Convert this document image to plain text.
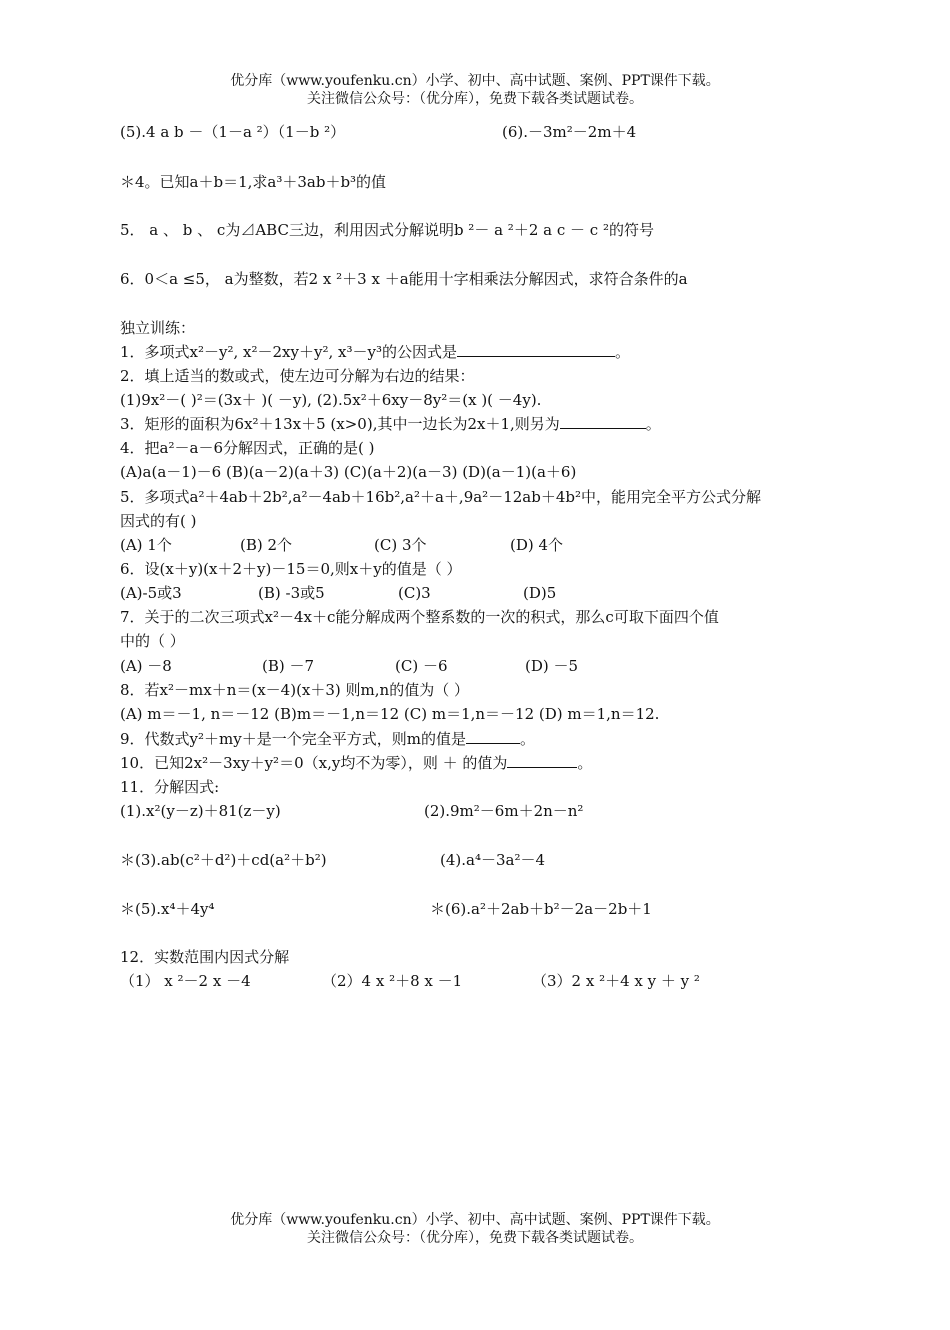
优分库（www.youfenku.cn）小学、初中、高中试题、案例、PPT课件下载。
关注微信公众号：（优分库），免费下载各类试题试卷。
(5).4 a b －（1－a ²）（1－b ²）	(6).－3m²－2m＋4
＊4。已知a＋b＝1,求a³＋3ab＋b³的值
5． a 、 b 、 c为⊿ABC三边，利用因式分解说明b ²－ a ²＋2 a c － c ²的符号
6．0＜a ≤5， a为整数，若2 x ²＋3 x ＋a能用十字相乘法分解因式，求符合条件的a
独立训练：
1．多项式x²－y², x²－2xy＋y², x³－y³的公因式是	。
2．填上适当的数或式，使左边可分解为右边的结果：
(1)9x²－( )²＝(3x＋ )( －y), (2).5x²＋6xy－8y²＝(x )( －4y).
3．矩形的面积为6x²＋13x＋5 (x>0),其中一边长为2x＋1,则另为	。
4．把a²－a－6分解因式，正确的是( )
(A)a(a－1)－6 (B)(a－2)(a＋3) (C)(a＋2)(a－3) (D)(a－1)(a＋6)
5．多项式a²＋4ab＋2b²,a²－4ab＋16b²,a²＋a＋,9a²－12ab＋4b²中，能用完全平方公式分解
因式的有( )
(A) 1个	(B) 2个	(C) 3个	(D) 4个
6．设(x＋y)(x＋2＋y)－15＝0,则x＋y的值是（ ）
(A)-5或3	(B) -3或5	(C)3	(D)5
7．关于的二次三项式x²－4x＋c能分解成两个整系数的一次的积式，那么c可取下面四个值
中的（ ）
(A) －8	(B) －7	(C) －6	(D) －5
8．若x²－mx＋n＝(x－4)(x＋3) 则m,n的值为（ ）
(A) m＝－1, n＝－12 (B)m＝－1,n＝12 (C) m＝1,n＝－12 (D) m＝1,n＝12.
9．代数式y²＋my＋是一个完全平方式，则m的值是	。
10．已知2x²－3xy＋y²＝0（x,y均不为零），则 ＋ 的值为	。
11．分解因式:
(1).x²(y－z)＋81(z－y)	(2).9m²－6m＋2n－n²
＊(3).ab(c²＋d²)＋cd(a²＋b²)	(4).a⁴－3a²－4
＊(5).x⁴＋4y⁴	＊(6).a²＋2ab＋b²－2a－2b＋1
12．实数范围内因式分解
（1） x ²－2 x －4	（2）4 x ²＋8 x －1	（3）2 x ²＋4 x y ＋ y ²
优分库（www.youfenku.cn）小学、初中、高中试题、案例、PPT课件下载。
关注微信公众号：（优分库），免费下载各类试题试卷。
